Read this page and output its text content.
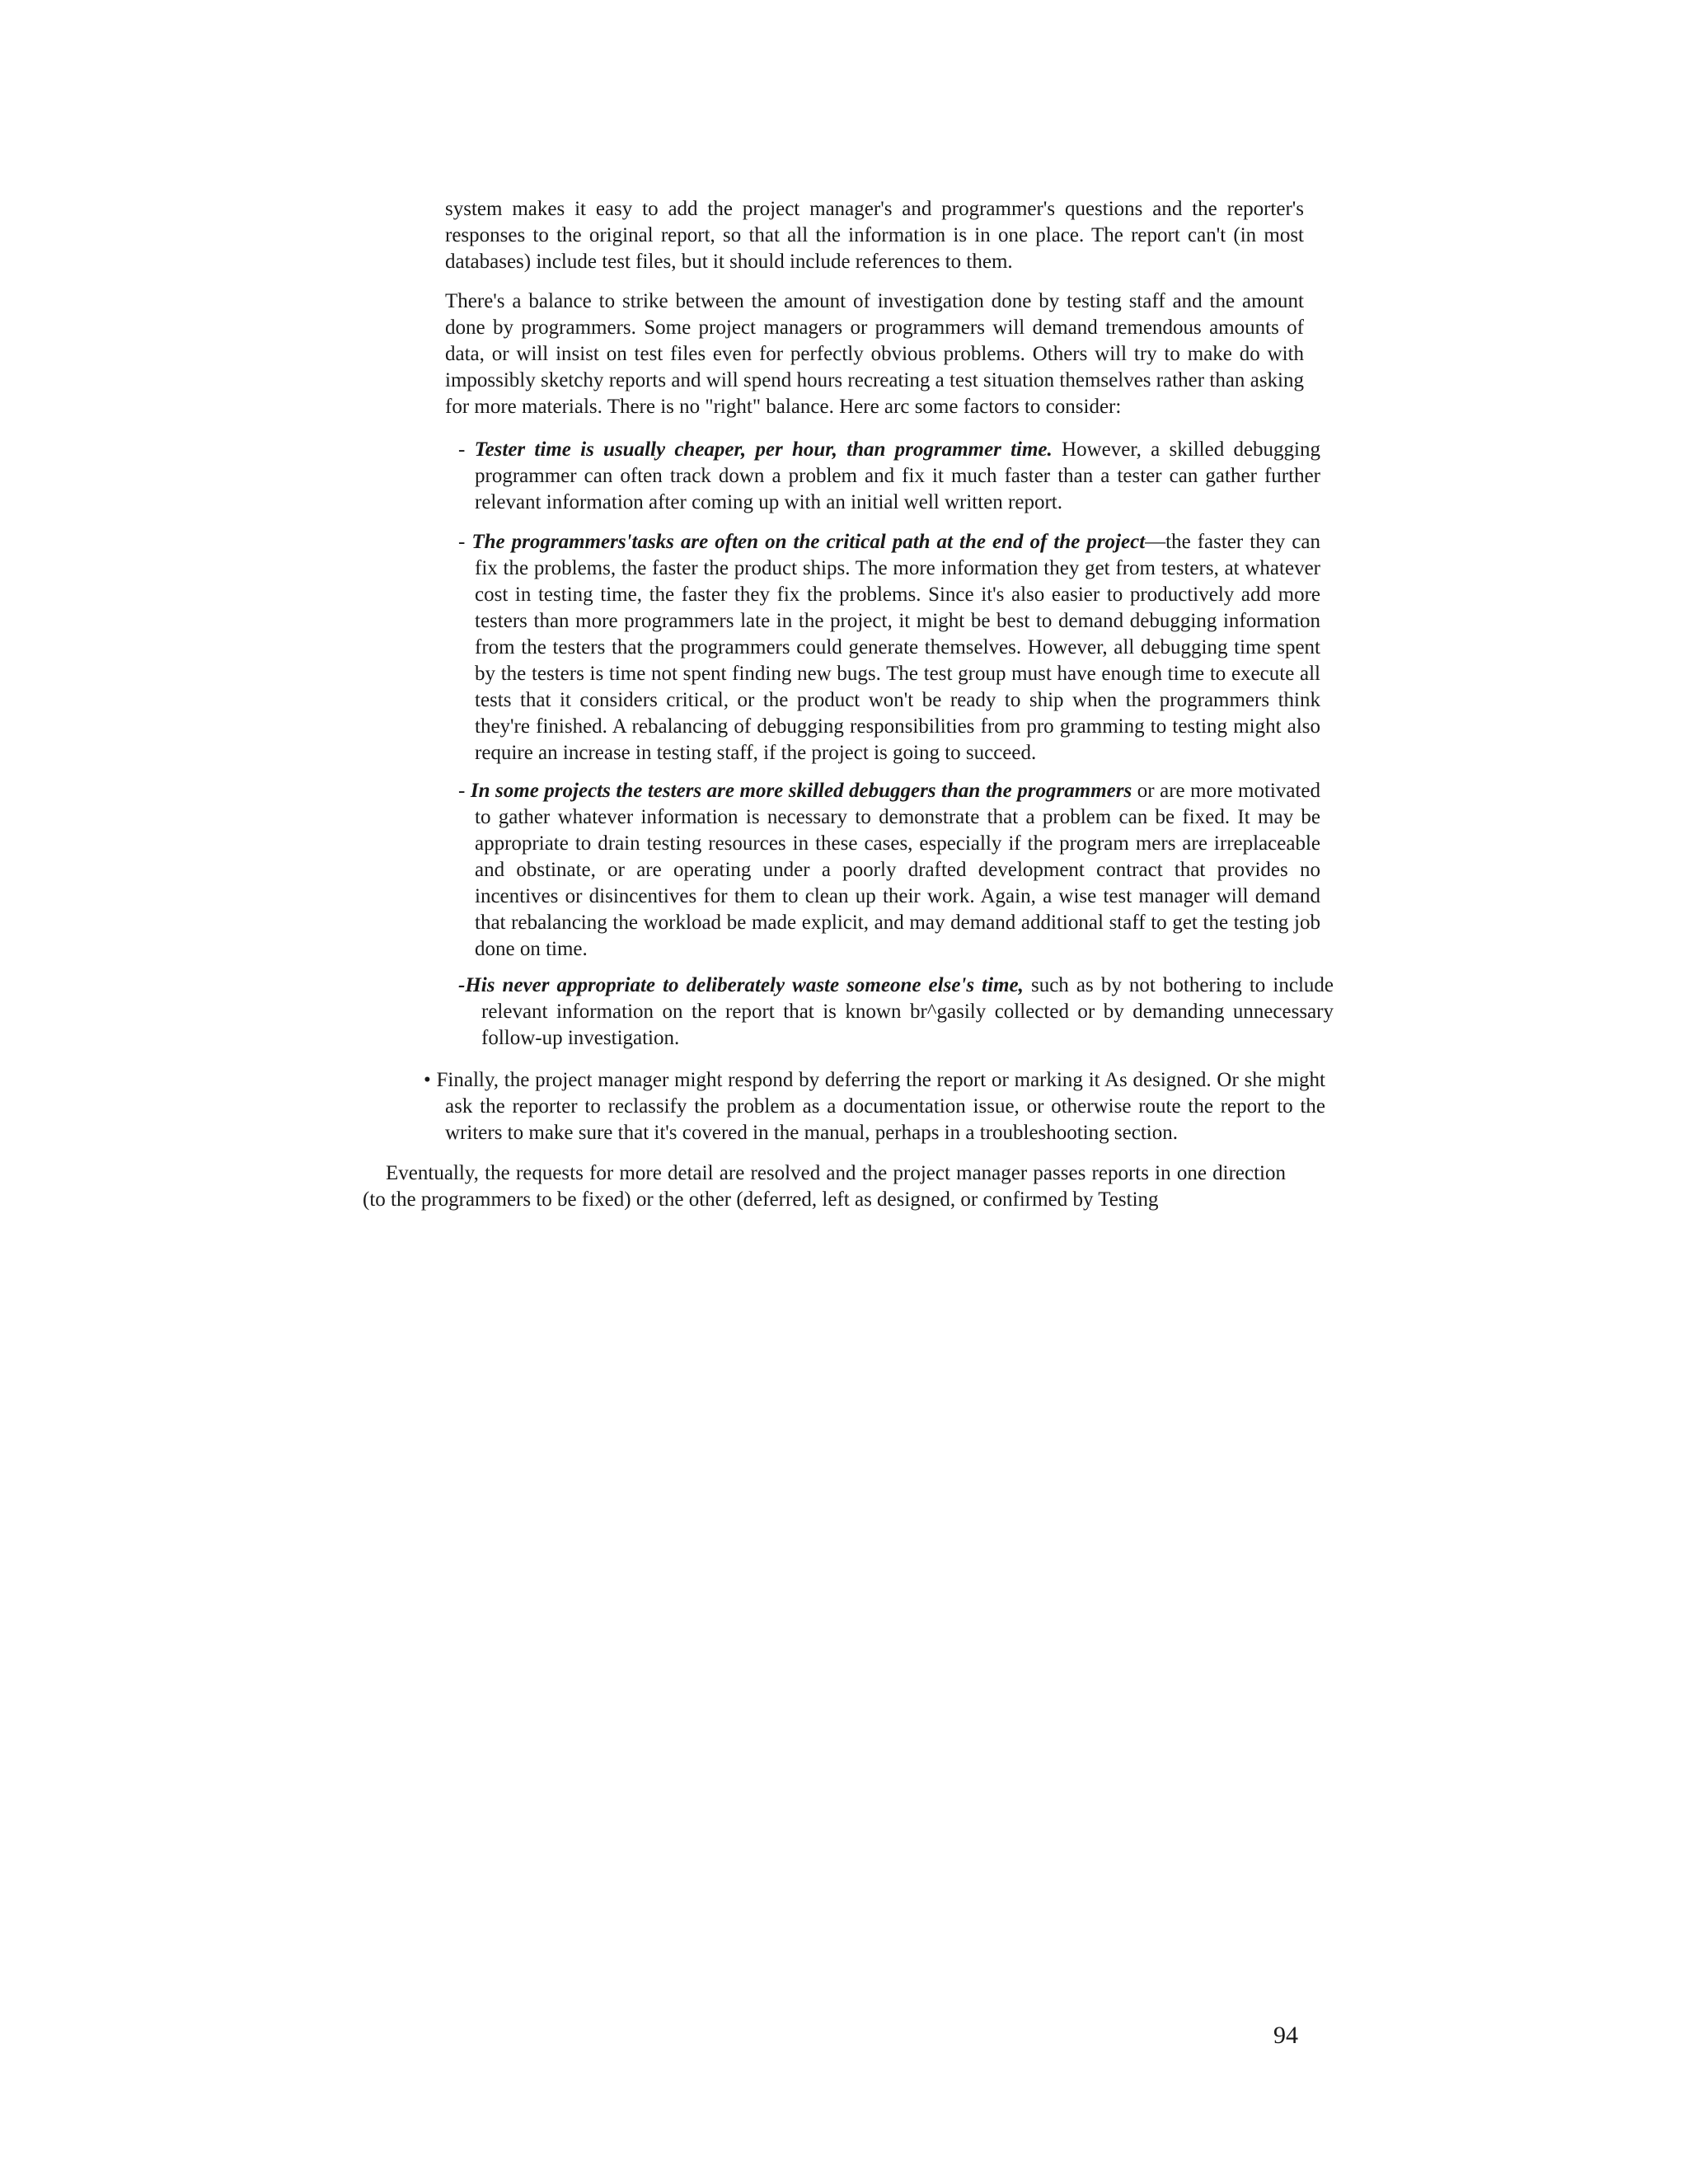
system makes it easy to add the project manager's and programmer's questions and the reporter's responses to the original report, so that all the information is in one place. The report can't (in most databases) include test files, but it should include references to them.

There's a balance to strike between the amount of investigation done by testing staff and the amount done by programmers. Some project managers or programmers will demand tremendous amounts of data, or will insist on test files even for perfectly obvious problems. Others will try to make do with impossibly sketchy reports and will spend hours recreating a test situation themselves rather than asking for more materials. There is no "right" balance. Here arc some factors to consider:

- Tester time is usually cheaper, per hour, than programmer time. However, a skilled debugging programmer can often track down a problem and fix it much faster than a tester can gather further relevant information after coming up with an initial well written report.

- The programmers'tasks are often on the critical path at the end of the project—the faster they can fix the problems, the faster the product ships. The more information they get from testers, at whatever cost in testing time, the faster they fix the problems. Since it's also easier to productively add more testers than more programmers late in the project, it might be best to demand debugging information from the testers that the programmers could generate themselves. However, all debugging time spent by the testers is time not spent finding new bugs. The test group must have enough time to execute all tests that it considers critical, or the product won't be ready to ship when the programmers think they're finished. A rebalancing of debugging responsibilities from pro gramming to testing might also require an increase in testing staff, if the project is going to succeed.

- In some projects the testers are more skilled debuggers than the programmers or are more motivated to gather whatever information is necessary to demonstrate that a problem can be fixed. It may be appropriate to drain testing resources in these cases, especially if the program mers are irreplaceable and obstinate, or are operating under a poorly drafted development contract that provides no incentives or disincentives for them to clean up their work. Again, a wise test manager will demand that rebalancing the workload be made explicit, and may demand additional staff to get the testing job done on time.

-His never appropriate to deliberately waste someone else's time, such as by not bothering to include relevant information on the report that is known br^gasily collected or by demanding unnecessary follow-up investigation.

• Finally, the project manager might respond by deferring the report or marking it As designed. Or she might ask the reporter to reclassify the problem as a documentation issue, or otherwise route the report to the writers to make sure that it's covered in the manual, perhaps in a troubleshooting section.

Eventually, the requests for more detail are resolved and the project manager passes reports in one direction (to the programmers to be fixed) or the other (deferred, left as designed, or confirmed by Testing

94
